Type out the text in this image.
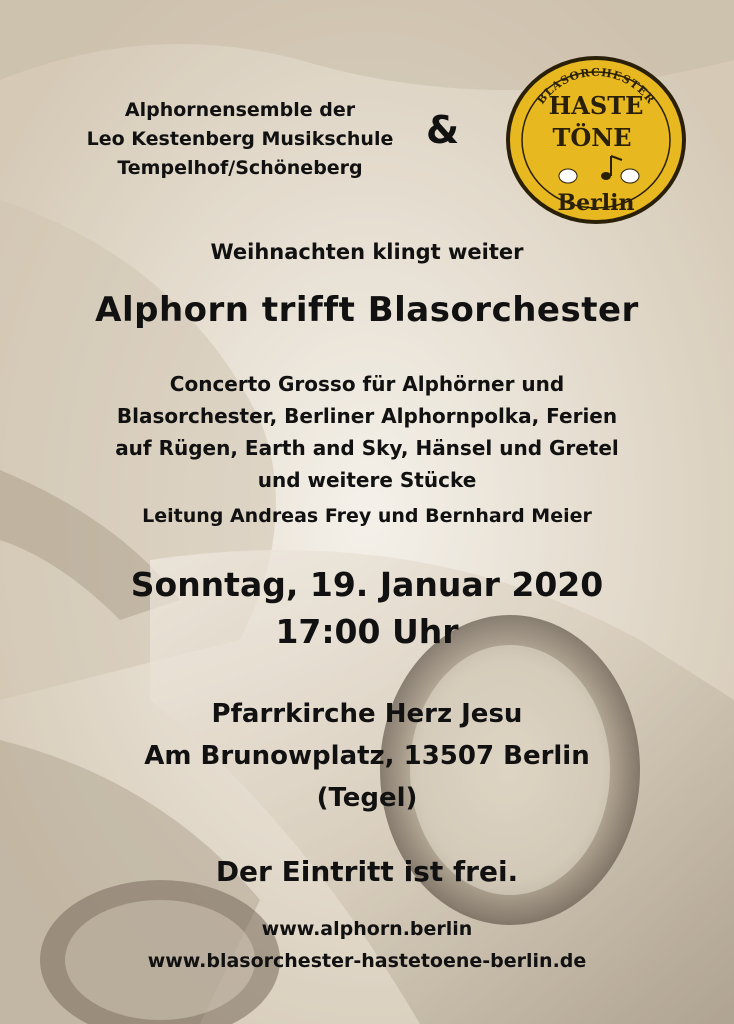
Alphornensemble der
Leo Kestenberg Musikschule
Tempelhof/Schöneberg
&
BLASORCHESTER
HASTE
TÖNE
Berlin

Weihnachten klingt weiter

Alphorn trifft Blasorchester

Concerto Grosso für Alphörner und
Blasorchester, Berliner Alphornpolka, Ferien
auf Rügen, Earth and Sky, Hänsel und Gretel
und weitere Stücke

Leitung Andreas Frey und Bernhard Meier

Sonntag, 19. Januar 2020

17:00 Uhr

Pfarrkirche Herz Jesu
Am Brunowplatz, 13507 Berlin
(Tegel)

Der Eintritt ist frei.

www.alphorn.berlin

www.blasorchester-hastetoene-berlin.de
